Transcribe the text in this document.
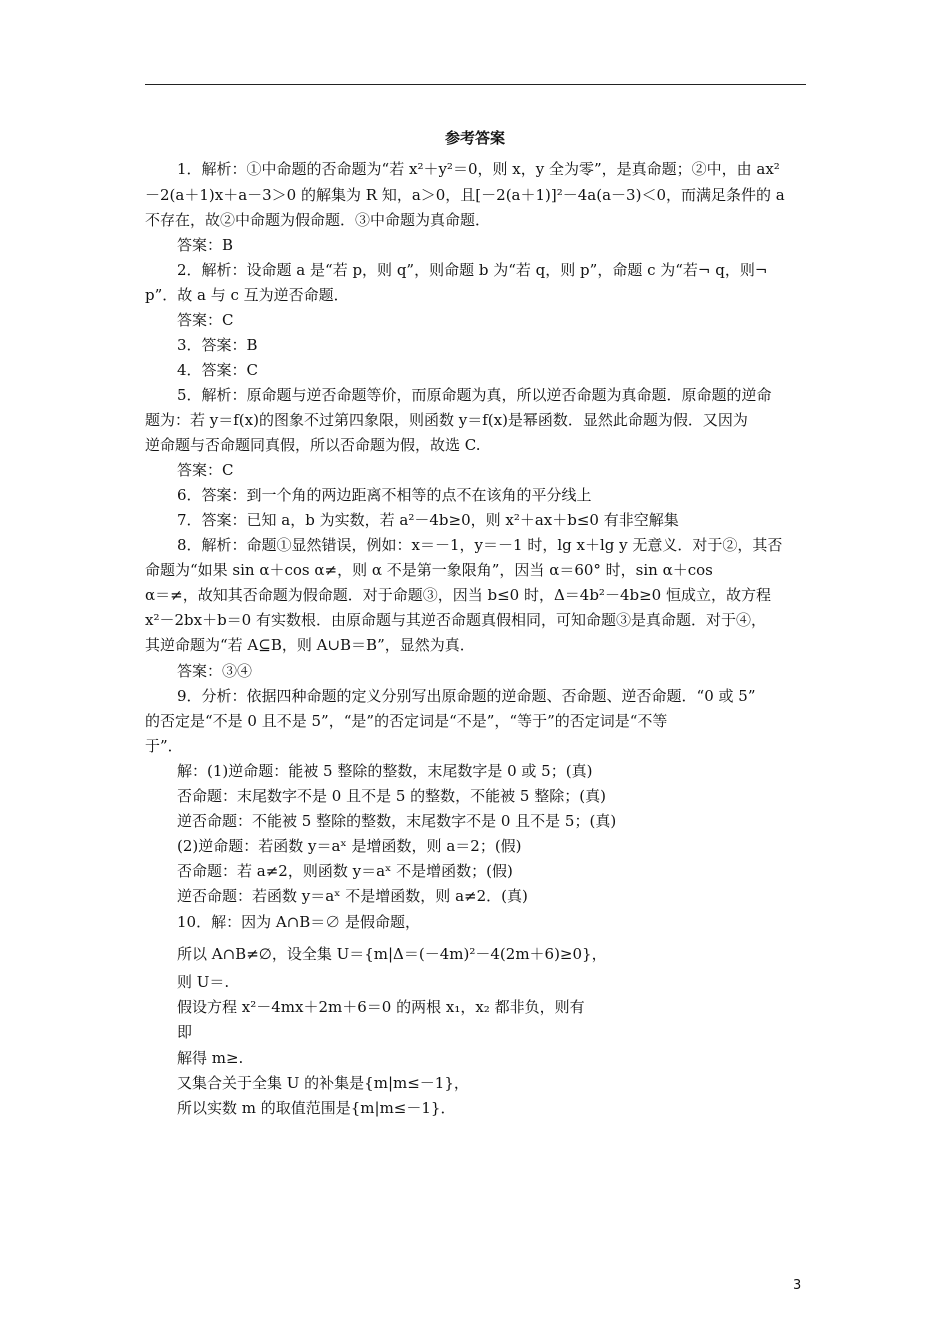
参考答案
1．解析：①中命题的否命题为“若 x²＋y²＝0，则 x，y 全为零”，是真命题；②中，由 ax²
－2(a＋1)x＋a－3＞0 的解集为 R 知，a＞0，且[－2(a＋1)]²－4a(a－3)＜0，而满足条件的 a
不存在，故②中命题为假命题．③中命题为真命题．
答案：B
2．解析：设命题 a 是“若 p，则 q”，则命题 b 为“若 q，则 p”，命题 c 为“若¬ q，则¬
p”．故 a 与 c 互为逆否命题．
答案：C
3．答案：B
4．答案：C
5．解析：原命题与逆否命题等价，而原命题为真，所以逆否命题为真命题．原命题的逆命
题为：若 y＝f(x)的图象不过第四象限，则函数 y＝f(x)是幂函数．显然此命题为假．又因为
逆命题与否命题同真假，所以否命题为假，故选 C.
答案：C
6．答案：到一个角的两边距离不相等的点不在该角的平分线上
7．答案：已知 a，b 为实数，若 a²－4b≥0，则 x²＋ax＋b≤0 有非空解集
8．解析：命题①显然错误，例如：x＝－1，y＝－1 时，lg x＋lg y 无意义．对于②，其否
命题为“如果 sin α＋cos α≠，则 α 不是第一象限角”，因当 α＝60° 时，sin α＋cos
α＝≠，故知其否命题为假命题．对于命题③，因当 b≤0 时，Δ＝4b²－4b≥0 恒成立，故方程
x²－2bx＋b＝0 有实数根．由原命题与其逆否命题真假相同，可知命题③是真命题．对于④，
其逆命题为“若 A⊆B，则 A∪B＝B”，显然为真．
答案：③④
9．分析：依据四种命题的定义分别写出原命题的逆命题、否命题、逆否命题．“0 或 5”
的否定是“不是 0 且不是 5”，“是”的否定词是“不是”，“等于”的否定词是“不等
于”．
解：(1)逆命题：能被 5 整除的整数，末尾数字是 0 或 5；(真)
否命题：末尾数字不是 0 且不是 5 的整数，不能被 5 整除；(真)
逆否命题：不能被 5 整除的整数，末尾数字不是 0 且不是 5；(真)
(2)逆命题：若函数 y＝aˣ 是增函数，则 a＝2；(假)
否命题：若 a≠2，则函数 y＝aˣ 不是增函数；(假)
逆否命题：若函数 y＝aˣ 不是增函数，则 a≠2．(真)
10．解：因为 A∩B＝∅ 是假命题，
所以 A∩B≠∅，设全集 U＝{m|Δ＝(－4m)²－4(2m＋6)≥0}，
则 U＝.
假设方程 x²－4mx＋2m＋6＝0 的两根 x₁，x₂ 都非负，则有
即
解得 m≥.
又集合关于全集 U 的补集是{m|m≤－1}，
所以实数 m 的取值范围是{m|m≤－1}．
3
